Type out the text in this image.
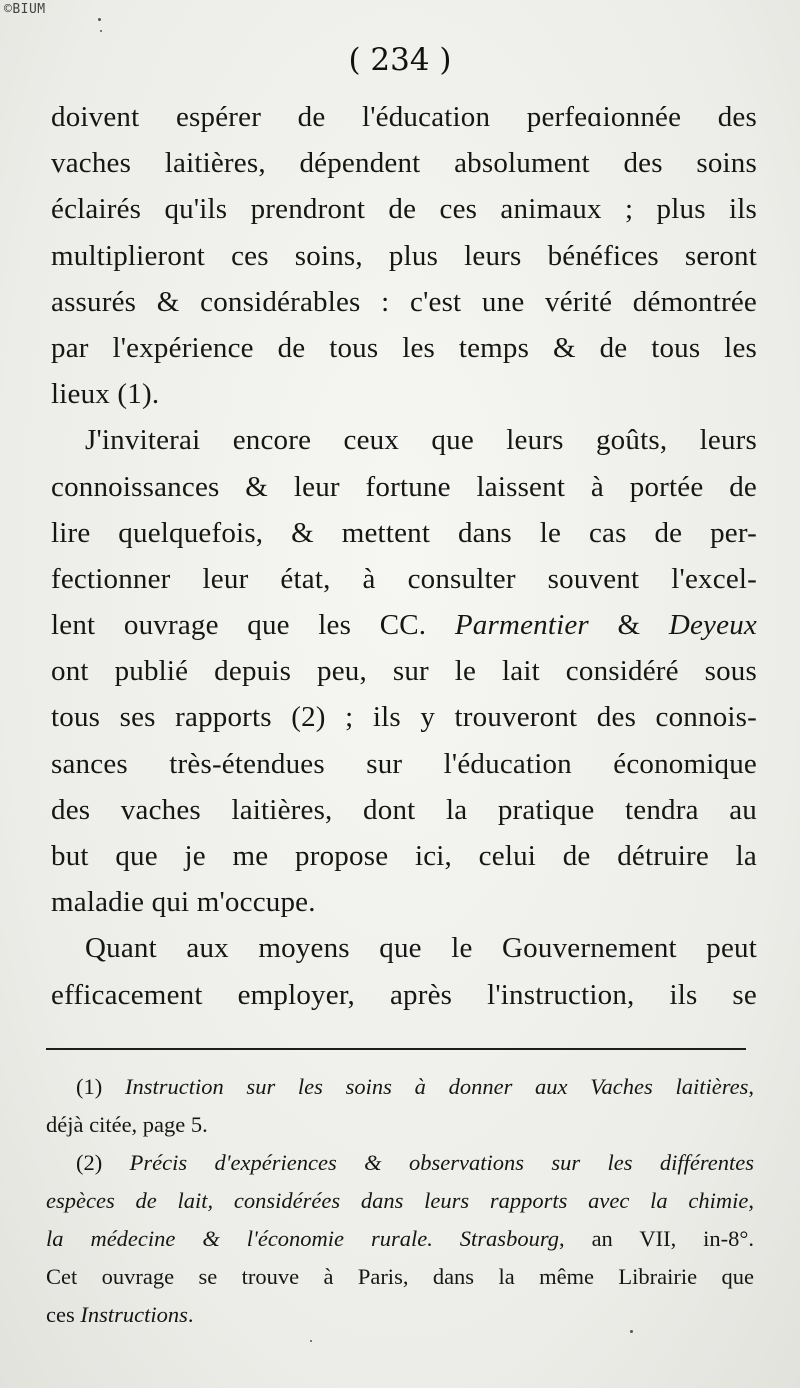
©BIUM
( 234 )
doivent espérer de l'éducation perfeɑionnée des
vaches laitières, dépendent absolument des soins
éclairés qu'ils prendront de ces animaux ; plus ils
multiplieront ces soins, plus leurs bénéfices seront
assurés & considérables : c'est une vérité démontrée
par l'expérience de tous les temps & de tous les
lieux (1).
J'inviterai encore ceux que leurs goûts, leurs
connoissances & leur fortune laissent à portée de
lire quelquefois, & mettent dans le cas de per-
fectionner leur état, à consulter souvent l'excel-
lent ouvrage que les CC. Parmentier & Deyeux
ont publié depuis peu, sur le lait considéré sous
tous ses rapports (2) ; ils y trouveront des connois-
sances très-étendues sur l'éducation économique
des vaches laitières, dont la pratique tendra au
but que je me propose ici, celui de détruire la
maladie qui m'occupe.
Quant aux moyens que le Gouvernement peut
efficacement employer, après l'instruction, ils se
(1) Instruction sur les soins à donner aux Vaches laitières,
déjà citée, page 5.
(2) Précis d'expériences & observations sur les différentes
espèces de lait, considérées dans leurs rapports avec la chimie,
la médecine & l'économie rurale. Strasbourg, an VII, in-8°.
Cet ouvrage se trouve à Paris, dans la même Librairie que
ces Instructions.
